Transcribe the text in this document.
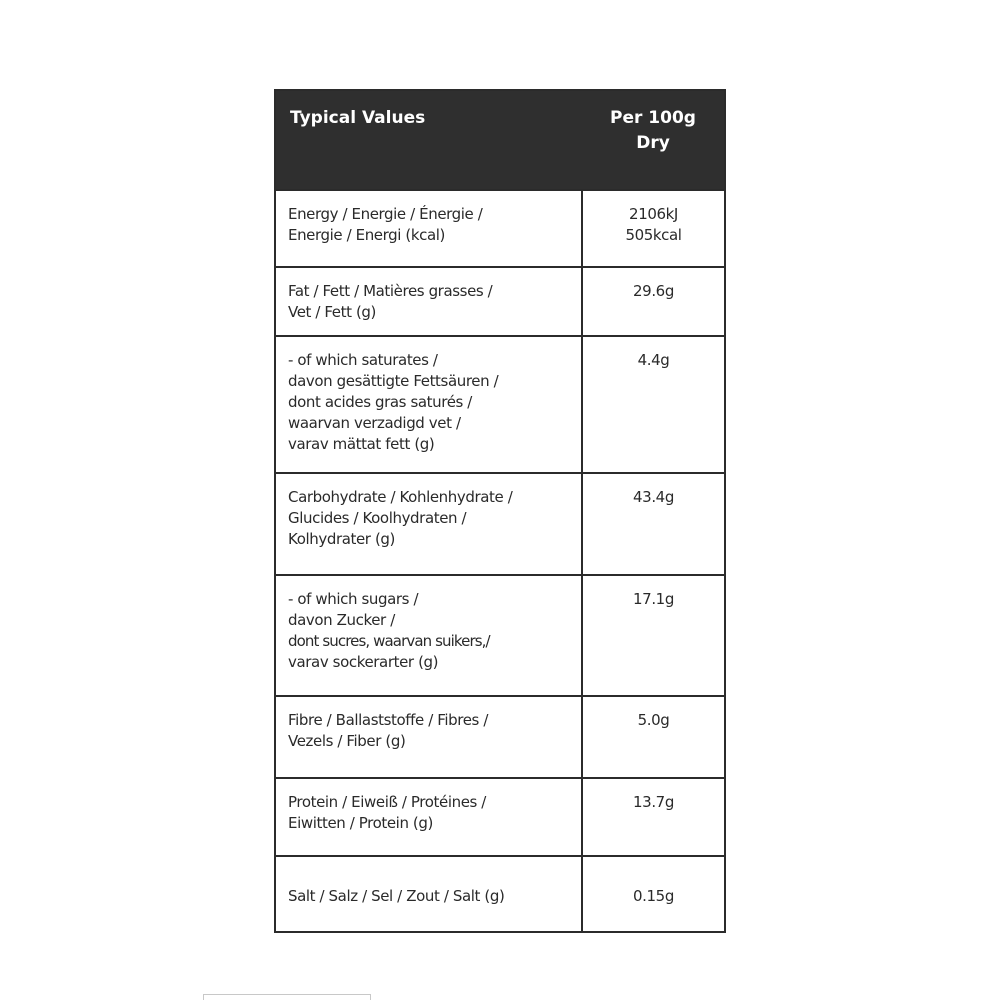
Typical Values	Per 100g
Dry

Energy / Energie / Énergie /
Energie / Energi (kcal)	2106kJ
505kcal

Fat / Fett / Matières grasses /
Vet / Fett (g)	29.6g

- of which saturates /
davon gesättigte Fettsäuren /
dont acides gras saturés /
waarvan verzadigd vet /
varav mättat fett (g)	4.4g

Carbohydrate / Kohlenhydrate /
Glucides / Koolhydraten /
Kolhydrater (g)	43.4g

- of which sugars /
davon Zucker /
dont sucres, waarvan suikers,/
varav sockerarter (g)	17.1g

Fibre / Ballaststoffe / Fibres /
Vezels / Fiber (g)	5.0g

Protein / Eiweiß / Protéines /
Eiwitten / Protein (g)	13.7g

Salt / Salz / Sel / Zout / Salt (g)	0.15g
